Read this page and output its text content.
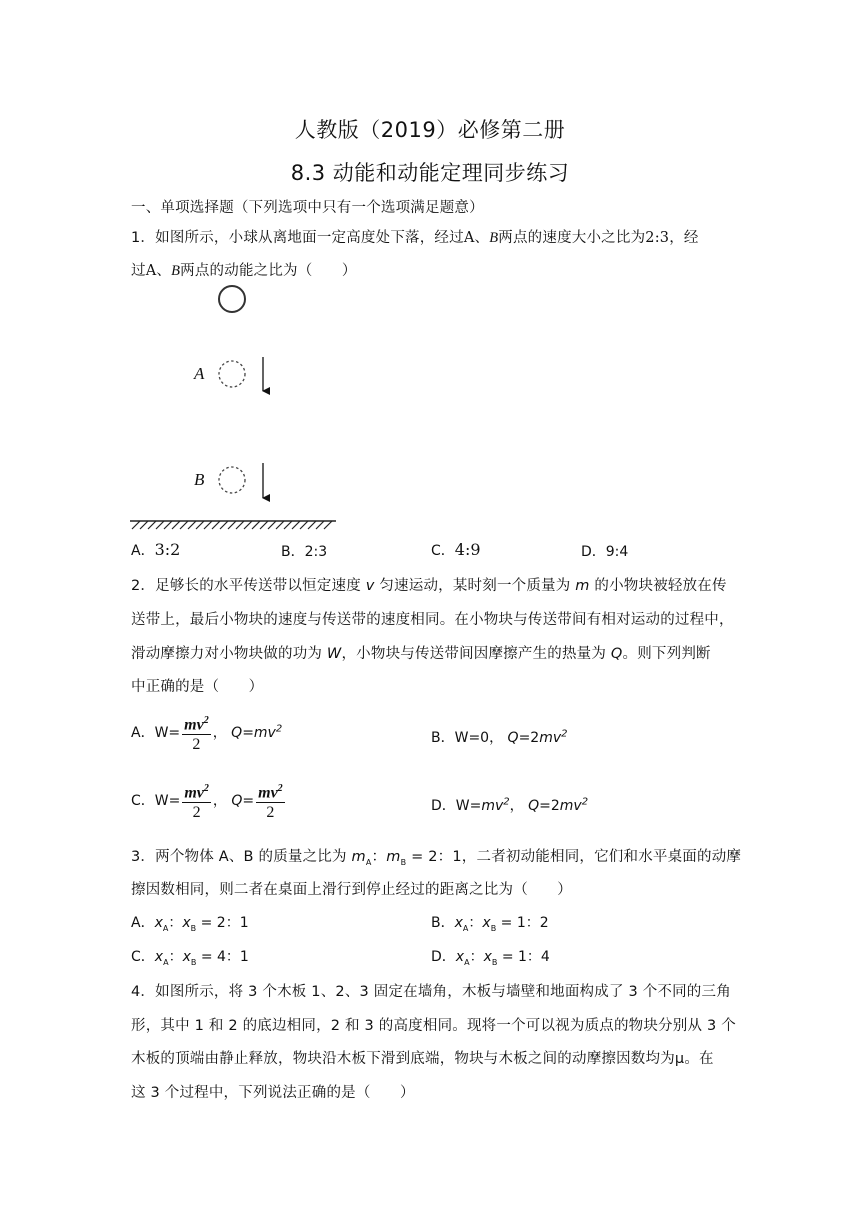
人教版（2019）必修第二册
8.3 动能和动能定理同步练习
一、单项选择题（下列选项中只有一个选项满足题意）
1．如图所示，小球从离地面一定高度处下落，经过A、B两点的速度大小之比为2:3，经
过A、B两点的动能之比为（　　）
A
B
A．3:2	B．2:3	C．4:9	D．9:4
2．足够长的水平传送带以恒定速度 v 匀速运动，某时刻一个质量为 m 的小物块被轻放在传
送带上，最后小物块的速度与传送带的速度相同。在小物块与传送带间有相对运动的过程中，
滑动摩擦力对小物块做的功为 W，小物块与传送带间因摩擦产生的热量为 Q。则下列判断
中正确的是（　　）
A．$W= \frac{mv^2}{2}$ ， $Q=mv^2$
B．W=0， $Q=2mv^2$
C．$W= \frac{mv^2}{2}$ ， $Q= \frac{mv^2}{2}$	D．$W=mv^2$， $Q=2mv^2$
3．两个物体 A、B 的质量之比为 $m_A$：$m_B = 2$：1，二者初动能相同，它们和水平桌面的动摩
擦因数相同，则二者在桌面上滑行到停止经过的距离之比为（　　）
A．$x_A$：$x_B = 2$：1	B．$x_A$：$x_B = 1$：2
C．$x_A$：$x_B = 4$：1	D．$x_A$：$x_B = 1$：4
4．如图所示，将 3 个木板 1、2、3 固定在墙角，木板与墙壁和地面构成了 3 个不同的三角
形，其中 1 和 2 的底边相同，2 和 3 的高度相同。现将一个可以视为质点的物块分别从 3 个
木板的顶端由静止释放，物块沿木板下滑到底端，物块与木板之间的动摩擦因数均为μ。在
这 3 个过程中，下列说法正确的是（　　）
